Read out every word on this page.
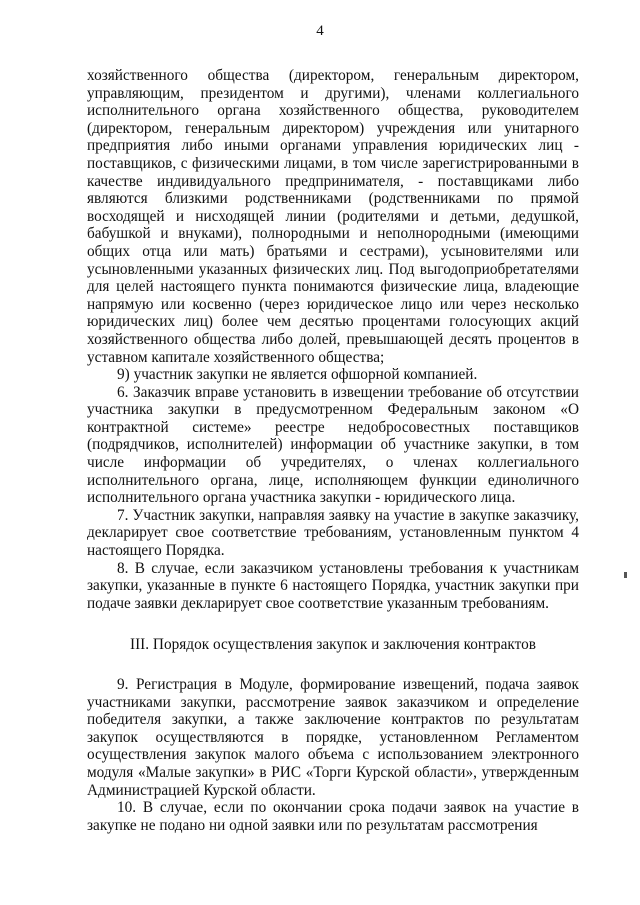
4

хозяйственного общества (директором, генеральным директором, управляющим, президентом и другими), членами коллегиального исполнительного органа хозяйственного общества, руководителем (директором, генеральным директором) учреждения или унитарного предприятия либо иными органами управления юридических лиц - поставщиков, с физическими лицами, в том числе зарегистрированными в качестве индивидуального предпринимателя, - поставщиками либо являются близкими родственниками (родственниками по прямой восходящей и нисходящей линии (родителями и детьми, дедушкой, бабушкой и внуками), полнородными и неполнородными (имеющими общих отца или мать) братьями и сестрами), усыновителями или усыновленными указанных физических лиц. Под выгодоприобретателями для целей настоящего пункта понимаются физические лица, владеющие напрямую или косвенно (через юридическое лицо или через несколько юридических лиц) более чем десятью процентами голосующих акций хозяйственного общества либо долей, превышающей десять процентов в уставном капитале хозяйственного общества;

9) участник закупки не является офшорной компанией.

6. Заказчик вправе установить в извещении требование об отсутствии участника закупки в предусмотренном Федеральным законом «О контрактной системе» реестре недобросовестных поставщиков (подрядчиков, исполнителей) информации об участнике закупки, в том числе информации об учредителях, о членах коллегиального исполнительного органа, лице, исполняющем функции единоличного исполнительного органа участника закупки - юридического лица.

7. Участник закупки, направляя заявку на участие в закупке заказчику, декларирует свое соответствие требованиям, установленным пунктом 4 настоящего Порядка.

8. В случае, если заказчиком установлены требования к участникам закупки, указанные в пункте 6 настоящего Порядка, участник закупки при подаче заявки декларирует свое соответствие указанным требованиям.

III. Порядок осуществления закупок и заключения контрактов

9. Регистрация в Модуле, формирование извещений, подача заявок участниками закупки, рассмотрение заявок заказчиком и определение победителя закупки, а также заключение контрактов по результатам закупок осуществляются в порядке, установленном Регламентом осуществления закупок малого объема с использованием электронного модуля «Малые закупки» в РИС «Торги Курской области», утвержденным Администрацией Курской области.

10. В случае, если по окончании срока подачи заявок на участие в закупке не подано ни одной заявки или по результатам рассмотрения
